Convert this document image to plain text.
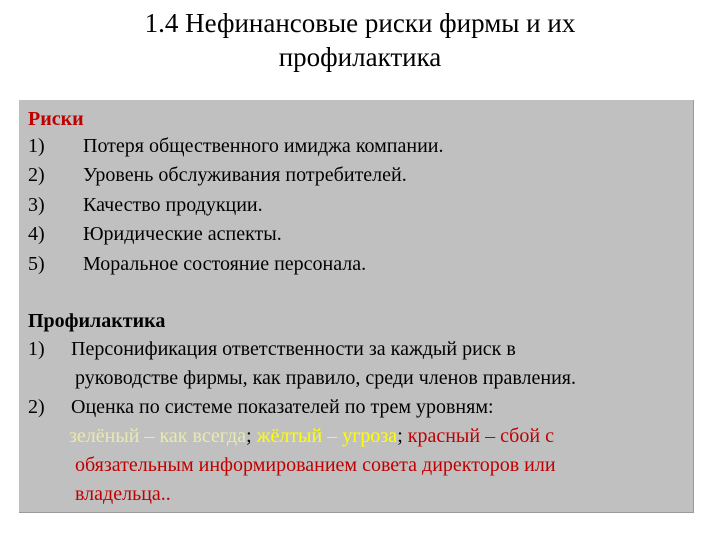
1.4 Нефинансовые риски фирмы и их
профилактика
Риски
1) Потеря общественного имиджа компании.
2) Уровень обслуживания потребителей.
3) Качество продукции.
4) Юридические аспекты.
5) Моральное состояние персонала.
Профилактика
1) Персонификация ответственности за каждый риск в
руководстве фирмы, как правило, среди членов правления.
2) Оценка по системе показателей по трем уровням:
зелёный – как всегда; жёлтый – угроза; красный – сбой с
обязательным информированием совета директоров или
владельца..
